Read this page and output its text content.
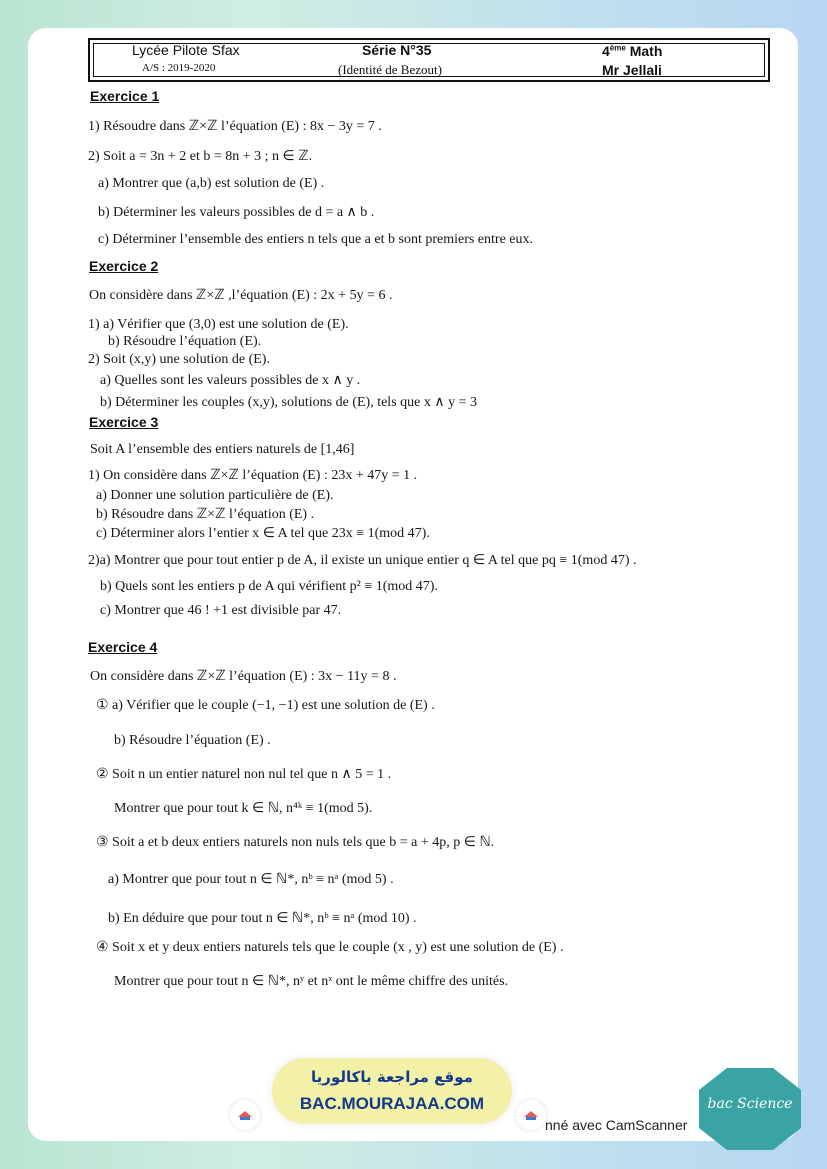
Lycée Pilote Sfax
A/S : 2019-2020
Série N°35
(Identité de Bezout)
4ème Math
Mr Jellali
Exercice 1
1) Résoudre dans ℤ×ℤ l’équation (E) : 8x − 3y = 7 .
2) Soit a = 3n + 2 et b = 8n + 3 ; n ∈ ℤ.
a) Montrer que (a,b) est solution de (E) .
b) Déterminer les valeurs possibles de d = a ∧ b .
c) Déterminer l’ensemble des entiers n tels que a et b sont premiers entre eux.
Exercice 2
On considère dans ℤ×ℤ ,l’équation (E) : 2x + 5y = 6 .
1) a) Vérifier que (3,0) est une solution de (E).
b) Résoudre l’équation (E).
2) Soit (x,y) une solution de (E).
a) Quelles sont les valeurs possibles de x ∧ y .
b) Déterminer les couples (x,y), solutions de (E), tels que x ∧ y = 3
Exercice 3
Soit A l’ensemble des entiers naturels de [1,46]
1) On considère dans ℤ×ℤ l’équation (E) : 23x + 47y = 1 .
a) Donner une solution particulière de (E).
b) Résoudre dans ℤ×ℤ l’équation (E) .
c) Déterminer alors l’entier x ∈ A tel que 23x ≡ 1(mod 47).
2)a) Montrer que pour tout entier p de A, il existe un unique entier q ∈ A tel que pq ≡ 1(mod 47) .
b) Quels sont les entiers p de A qui vérifient p² ≡ 1(mod 47).
c) Montrer que 46 ! +1 est divisible par 47.
Exercice 4
On considère dans ℤ×ℤ l’équation (E) : 3x − 11y = 8 .
① a) Vérifier que le couple (−1, −1) est une solution de (E) .
b) Résoudre l’équation (E) .
② Soit n un entier naturel non nul tel que n ∧ 5 = 1 .
Montrer que pour tout k ∈ ℕ, n⁴ᵏ ≡ 1(mod 5).
③ Soit a et b deux entiers naturels non nuls tels que b = a + 4p, p ∈ ℕ.
a) Montrer que pour tout n ∈ ℕ*, nᵇ ≡ nᵃ (mod 5) .
b) En déduire que pour tout n ∈ ℕ*, nᵇ ≡ nᵃ (mod 10) .
④ Soit x et y deux entiers naturels tels que le couple (x , y) est une solution de (E) .
Montrer que pour tout n ∈ ℕ*, nʸ et nˣ ont le même chiffre des unités.
موقع مراجعة باكالوريا
BAC.MOURAJAA.COM
nné avec CamScanner
bac Science
